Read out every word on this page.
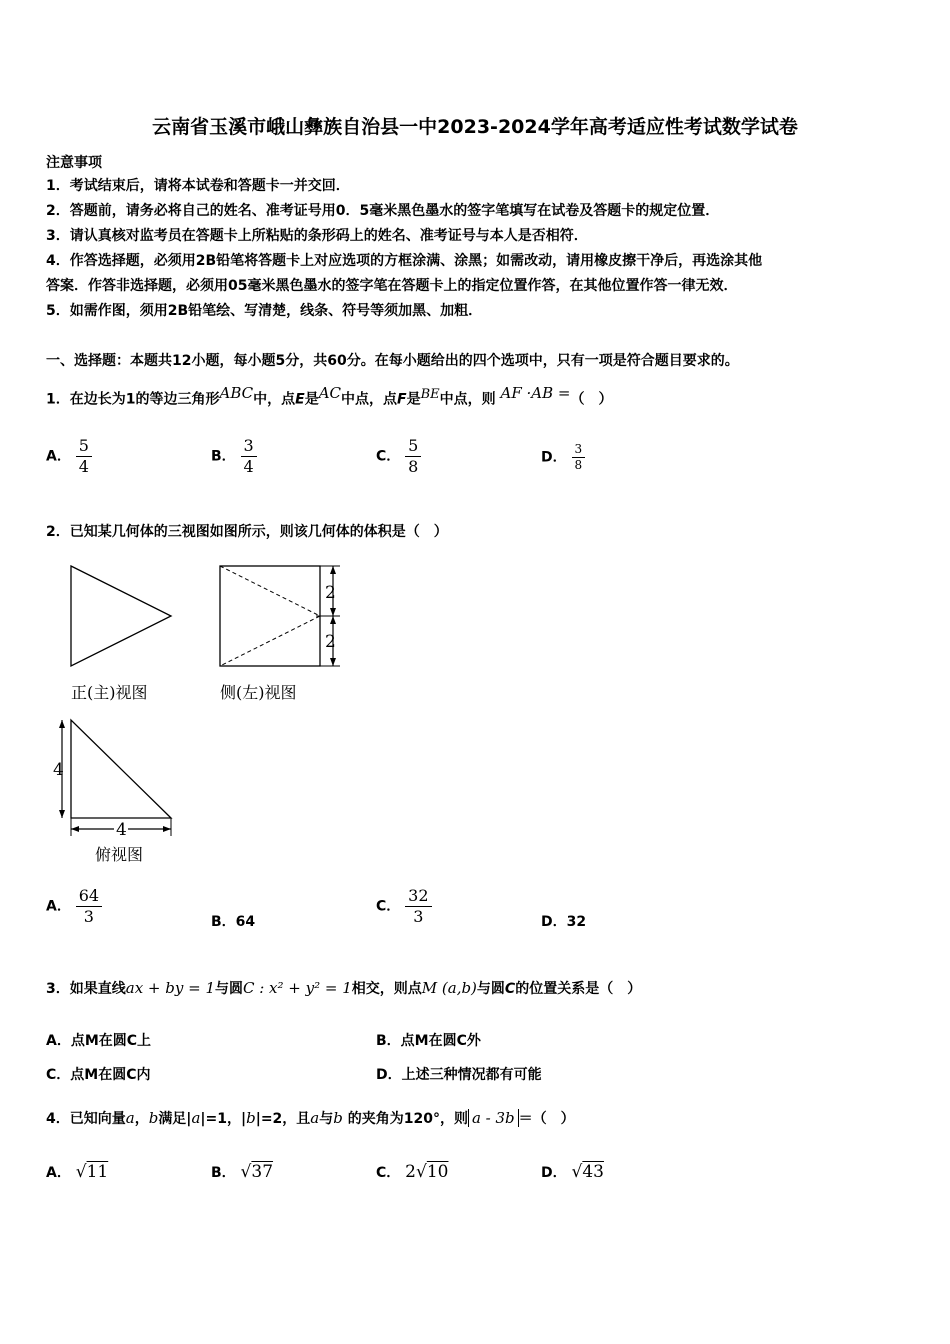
云南省玉溪市峨山彝族自治县一中2023-2024学年高考适应性考试数学试卷
注意事项
1．考试结束后，请将本试卷和答题卡一并交回．
2．答题前，请务必将自己的姓名、准考证号用0．5毫米黑色墨水的签字笔填写在试卷及答题卡的规定位置．
3．请认真核对监考员在答题卡上所粘贴的条形码上的姓名、准考证号与本人是否相符．
4．作答选择题，必须用2B铅笔将答题卡上对应选项的方框涂满、涂黑；如需改动，请用橡皮擦干净后，再选涂其他
答案．作答非选择题，必须用05毫米黑色墨水的签字笔在答题卡上的指定位置作答，在其他位置作答一律无效．
5．如需作图，须用2B铅笔绘、写清楚，线条、符号等须加黑、加粗．
一、选择题：本题共12小题，每小题5分，共60分。在每小题给出的四个选项中，只有一项是符合题目要求的。
1．在边长为1的等边三角形$^{ABC}$中，点E是$^{AC}$中点，点F是$^{BE}$中点，则 $^{AF \cdot AB =}$（　）
A． $\frac{5}{4}$	B． $\frac{3}{4}$	C． $\frac{5}{8}$	D． $\frac{3}{8}$
2．已知某几何体的三视图如图所示，则该几何体的体积是（　）
2
2
正(主)视图	侧(左)视图
4
4
俯视图
A． $\frac{64}{3}$	B．64
C． $\frac{32}{3}$	D．32
3．如果直线ax + by = 1与圆C : x² + y² = 1相交，则点M (a,b)与圆C的位置关系是（　）
A．点M在圆C上	B．点M在圆C外
C．点M在圆C内	D．上述三种情况都有可能
4．已知向量a，b满足|a|=1，|b|=2，且a与b 的夹角为120°，则 a - 3b ＝（　）
A． √11	B． √37	C． 2√10	D． √43
